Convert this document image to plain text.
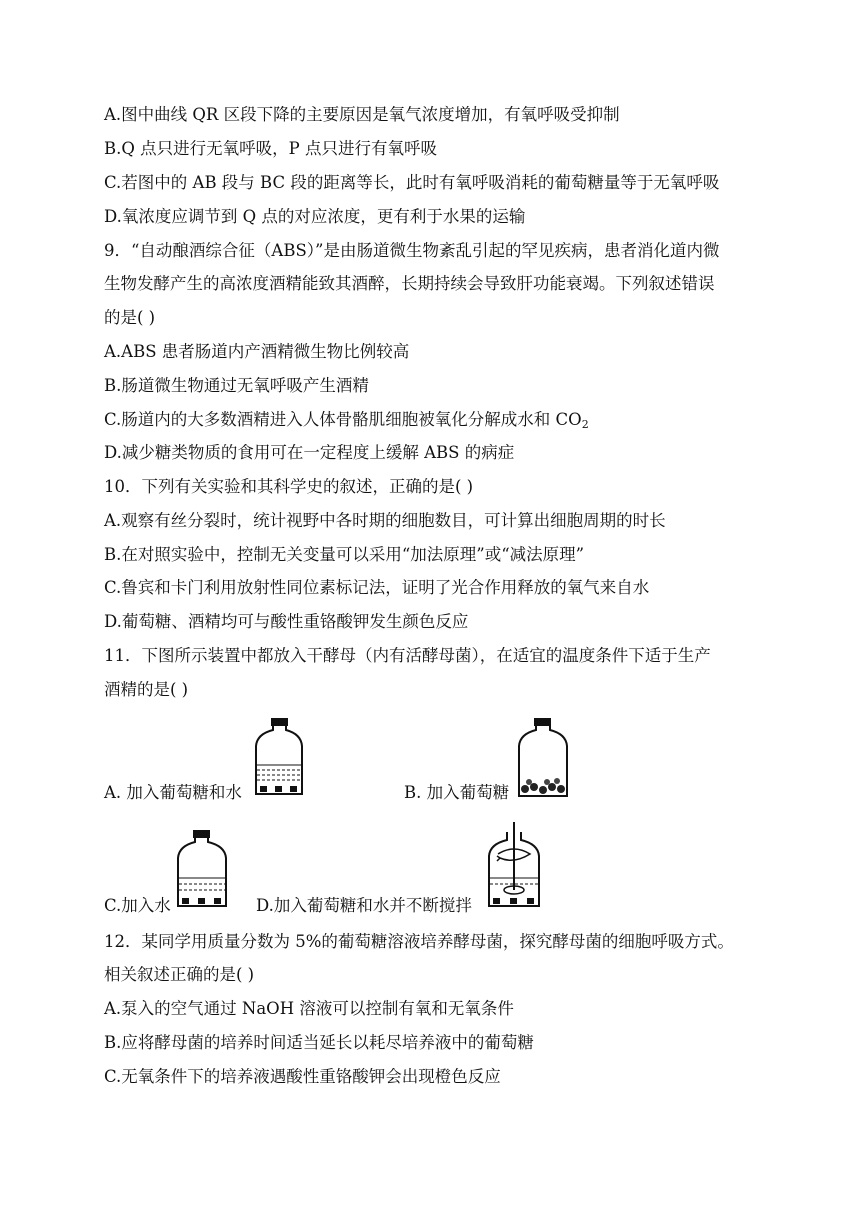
A.图中曲线 QR 区段下降的主要原因是氧气浓度增加，有氧呼吸受抑制
B.Q 点只进行无氧呼吸，P 点只进行有氧呼吸
C.若图中的 AB 段与 BC 段的距离等长，此时有氧呼吸消耗的葡萄糖量等于无氧呼吸
D.氧浓度应调节到 Q 点的对应浓度，更有利于水果的运输
9．“自动酿酒综合征（ABS）”是由肠道微生物紊乱引起的罕见疾病，患者消化道内微
生物发酵产生的高浓度酒精能致其酒醉，长期持续会导致肝功能衰竭。下列叙述错误
的是( )
A.ABS 患者肠道内产酒精微生物比例较高
B.肠道微生物通过无氧呼吸产生酒精
C.肠道内的大多数酒精进入人体骨骼肌细胞被氧化分解成水和 $CO_2$
D.减少糖类物质的食用可在一定程度上缓解 ABS 的病症
10．下列有关实验和其科学史的叙述，正确的是( )
A.观察有丝分裂时，统计视野中各时期的细胞数目，可计算出细胞周期的时长
B.在对照实验中，控制无关变量可以采用“加法原理”或“减法原理”
C.鲁宾和卡门利用放射性同位素标记法，证明了光合作用释放的氧气来自水
D.葡萄糖、酒精均可与酸性重铬酸钾发生颜色反应
11．下图所示装置中都放入干酵母（内有活酵母菌），在适宜的温度条件下适于生产
酒精的是( )
A. 加入葡萄糖和水	B. 加入葡萄糖
C.加入水	D.加入葡萄糖和水并不断搅拌
12．某同学用质量分数为 5%的葡萄糖溶液培养酵母菌，探究酵母菌的细胞呼吸方式。
相关叙述正确的是( )
A.泵入的空气通过 NaOH 溶液可以控制有氧和无氧条件
B.应将酵母菌的培养时间适当延长以耗尽培养液中的葡萄糖
C.无氧条件下的培养液遇酸性重铬酸钾会出现橙色反应
